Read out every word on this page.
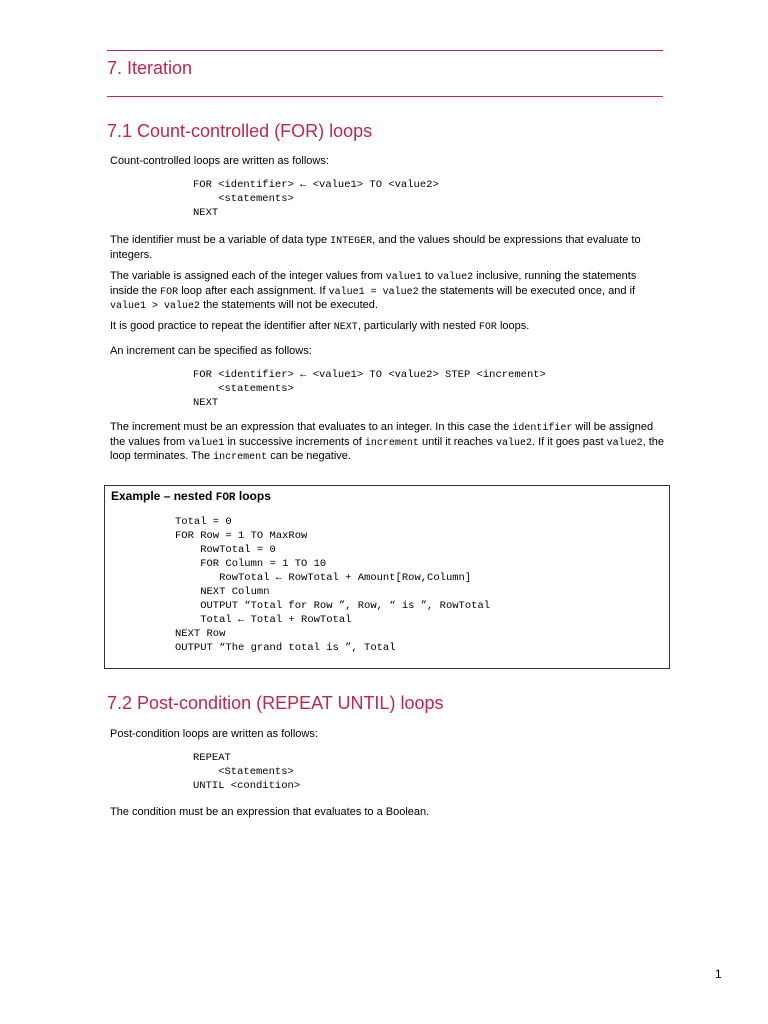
7. Iteration
7.1 Count-controlled (FOR) loops
Count-controlled loops are written as follows:
FOR <identifier> ← <value1> TO <value2>
<statements>
NEXT
The identifier must be a variable of data type INTEGER, and the values should be expressions that evaluate to integers.
The variable is assigned each of the integer values from value1 to value2 inclusive, running the statements inside the FOR loop after each assignment. If value1 = value2 the statements will be executed once, and if value1 > value2 the statements will not be executed.
It is good practice to repeat the identifier after NEXT, particularly with nested FOR loops.
An increment can be specified as follows:
FOR <identifier> ← <value1> TO <value2> STEP <increment>
<statements>
NEXT
The increment must be an expression that evaluates to an integer. In this case the identifier will be assigned the values from value1 in successive increments of increment until it reaches value2. If it goes past value2, the loop terminates. The increment can be negative.
Example – nested FOR loops
Total = 0
FOR Row = 1 TO MaxRow
RowTotal = 0
FOR Column = 1 TO 10
RowTotal ← RowTotal + Amount[Row,Column]
NEXT Column
OUTPUT “Total for Row ”, Row, “ is ”, RowTotal
Total ← Total + RowTotal
NEXT Row
OUTPUT “The grand total is ”, Total
7.2 Post-condition (REPEAT UNTIL) loops
Post-condition loops are written as follows:
REPEAT
<Statements>
UNTIL <condition>
The condition must be an expression that evaluates to a Boolean.
1
